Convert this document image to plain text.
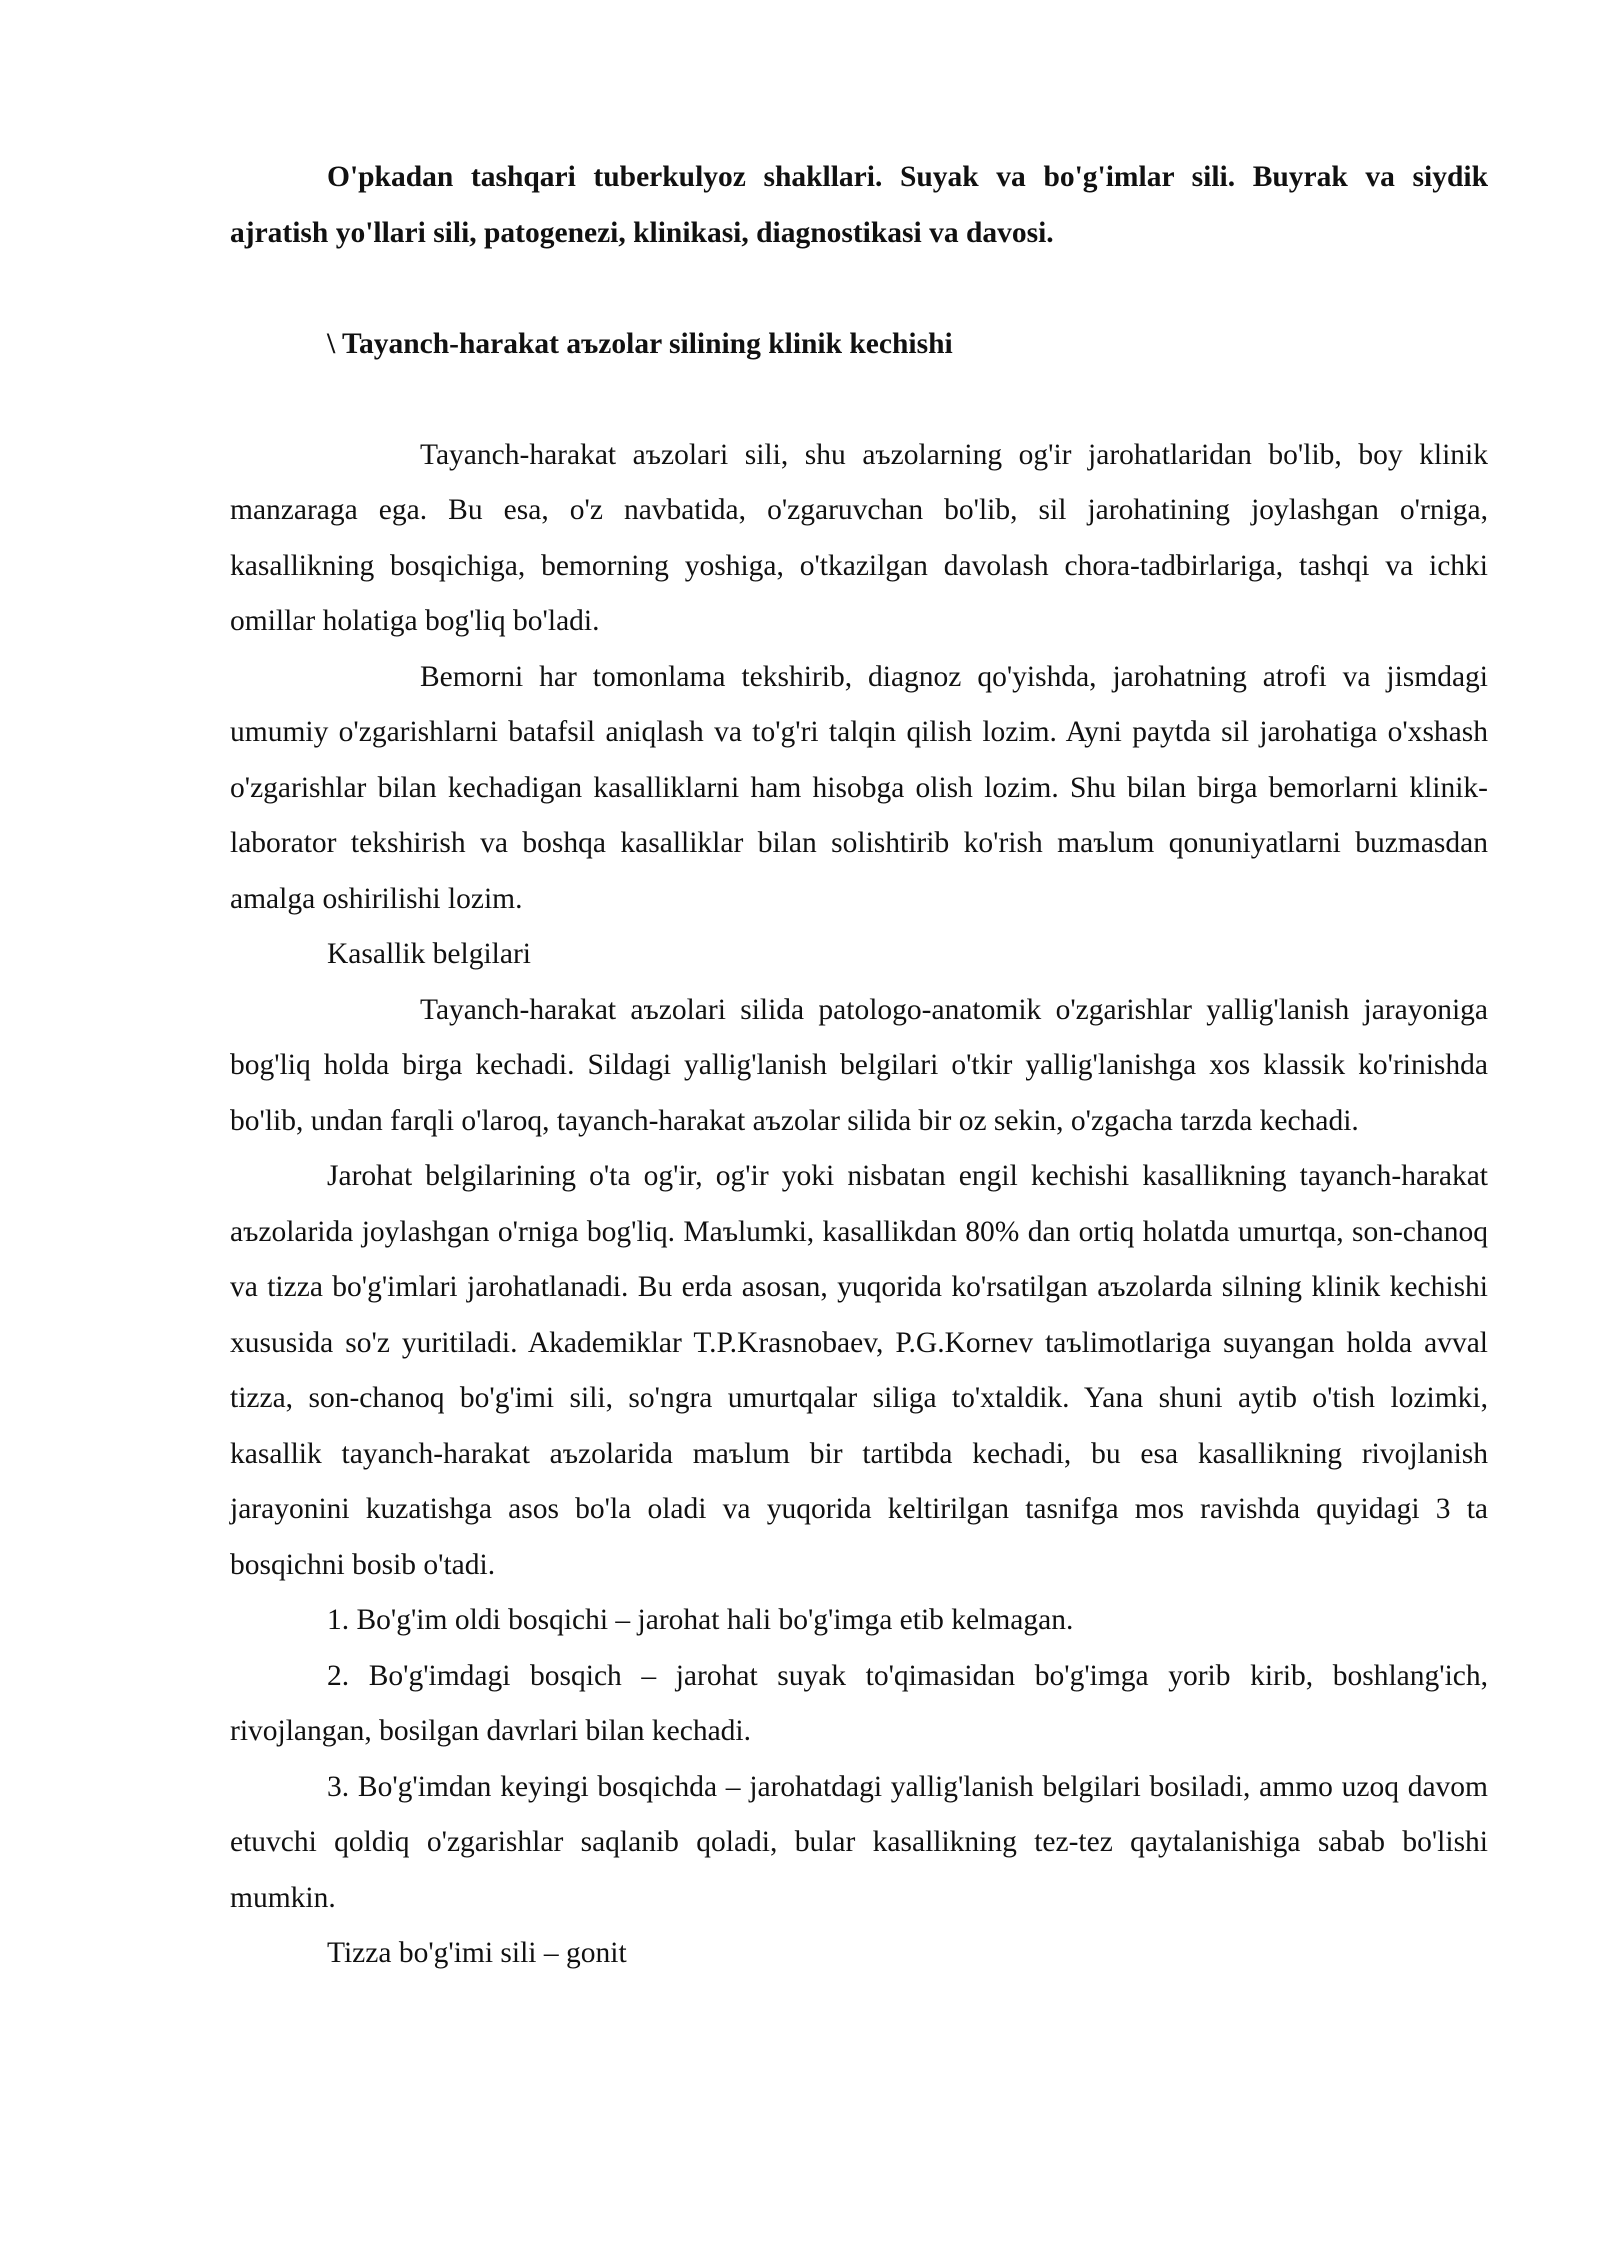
O'pkadan tashqari tuberkulyoz shakllari. Suyak va bo'g'imlar sili. Buyrak va siydik ajratish yo'llari sili, patogenezi, klinikasi, diagnostikasi va davosi.

\ Tayanch-harakat aъzolar silining klinik kechishi

Tayanch-harakat aъzolari sili, shu aъzolarning og'ir jarohatlaridan bo'lib, boy klinik manzaraga ega. Bu esa, o'z navbatida, o'zgaruvchan bo'lib, sil jarohatining joylashgan o'rniga, kasallikning bosqichiga, bemorning yoshiga, o'tkazilgan davolash chora-tadbirlariga, tashqi va ichki omillar holatiga bog'liq bo'ladi.

Bemorni har tomonlama tekshirib, diagnoz qo'yishda, jarohatning atrofi va jismdagi umumiy o'zgarishlarni batafsil aniqlash va to'g'ri talqin qilish lozim. Ayni paytda sil jarohatiga o'xshash o'zgarishlar bilan kechadigan kasalliklarni ham hisobga olish lozim. Shu bilan birga bemorlarni klinik-laborator tekshirish va boshqa kasalliklar bilan solishtirib ko'rish maъlum qonuniyatlarni buzmasdan amalga oshirilishi lozim.

Kasallik belgilari

Tayanch-harakat aъzolari silida patologo-anatomik o'zgarishlar yallig'lanish jarayoniga bog'liq holda birga kechadi. Sildagi yallig'lanish belgilari o'tkir yallig'lanishga xos klassik ko'rinishda bo'lib, undan farqli o'laroq, tayanch-harakat aъzolar silida bir oz sekin, o'zgacha tarzda kechadi.

Jarohat belgilarining o'ta og'ir, og'ir yoki nisbatan engil kechishi kasallikning tayanch-harakat aъzolarida joylashgan o'rniga bog'liq. Maъlumki, kasallikdan 80% dan ortiq holatda umurtqa, son-chanoq va tizza bo'g'imlari jarohatlanadi. Bu erda asosan, yuqorida ko'rsatilgan aъzolarda silning klinik kechishi xususida so'z yuritiladi. Akademiklar T.P.Krasnobaev, P.G.Kornev taъlimotlariga suyangan holda avval tizza, son-chanoq bo'g'imi sili, so'ngra umurtqalar siliga to'xtaldik. Yana shuni aytib o'tish lozimki, kasallik tayanch-harakat aъzolarida maъlum bir tartibda kechadi, bu esa kasallikning rivojlanish jarayonini kuzatishga asos bo'la oladi va yuqorida keltirilgan tasnifga mos ravishda quyidagi 3 ta bosqichni bosib o'tadi.

1. Bo'g'im oldi bosqichi – jarohat hali bo'g'imga etib kelmagan.

2. Bo'g'imdagi bosqich – jarohat suyak to'qimasidan bo'g'imga yorib kirib, boshlang'ich, rivojlangan, bosilgan davrlari bilan kechadi.

3. Bo'g'imdan keyingi bosqichda – jarohatdagi yallig'lanish belgilari bosiladi, ammo uzoq davom etuvchi qoldiq o'zgarishlar saqlanib qoladi, bular kasallikning tez-tez qaytalanishiga sabab bo'lishi mumkin.

Tizza bo'g'imi sili – gonit
